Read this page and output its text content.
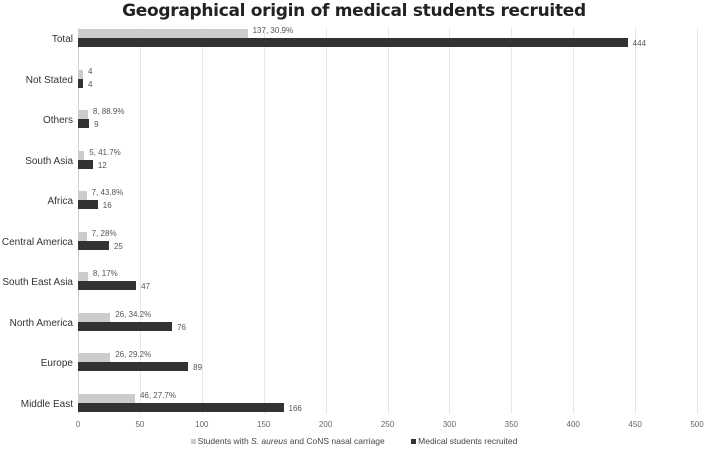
Geographical origin of medical students recruited
Total
137, 30.9%
444
Not Stated
4
4
Others
8, 88.9%
9
South Asia
5, 41.7%
12
Africa
7, 43.8%
16
Central America
7, 28%
25
South East Asia
8, 17%
47
North America
26, 34.2%
76
Europe
26, 29.2%
89
Middle East
46, 27.7%
166
Students with S. aureus and CoNS nasal carriage	Medical students recruited
0	50	100	150	200	250	300	350	400	450	500
